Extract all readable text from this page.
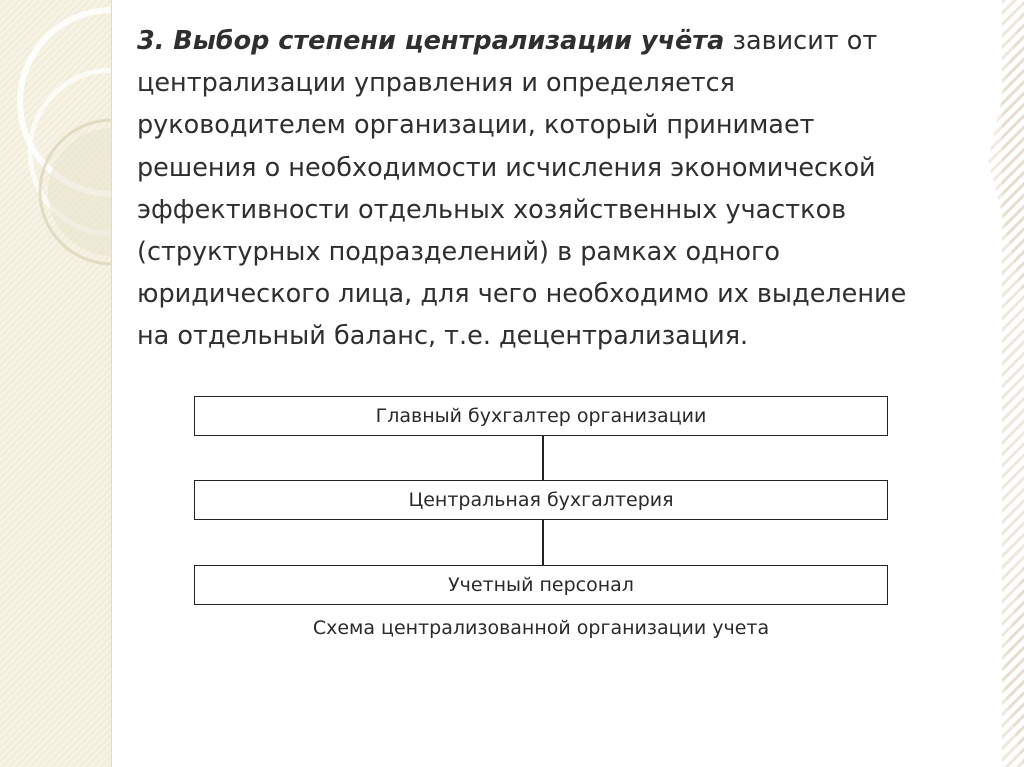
3. Выбор степени централизации учёта зависит от
централизации управления и определяется
руководителем организации, который принимает
решения о необходимости исчисления экономической
эффективности отдельных хозяйственных участков
(структурных подразделений) в рамках одного
юридического лица, для чего необходимо их выделение
на отдельный баланс, т.е. децентрализация.
Главный бухгалтер организации
Центральная бухгалтерия
Учетный персонал
Схема централизованной организации учета
